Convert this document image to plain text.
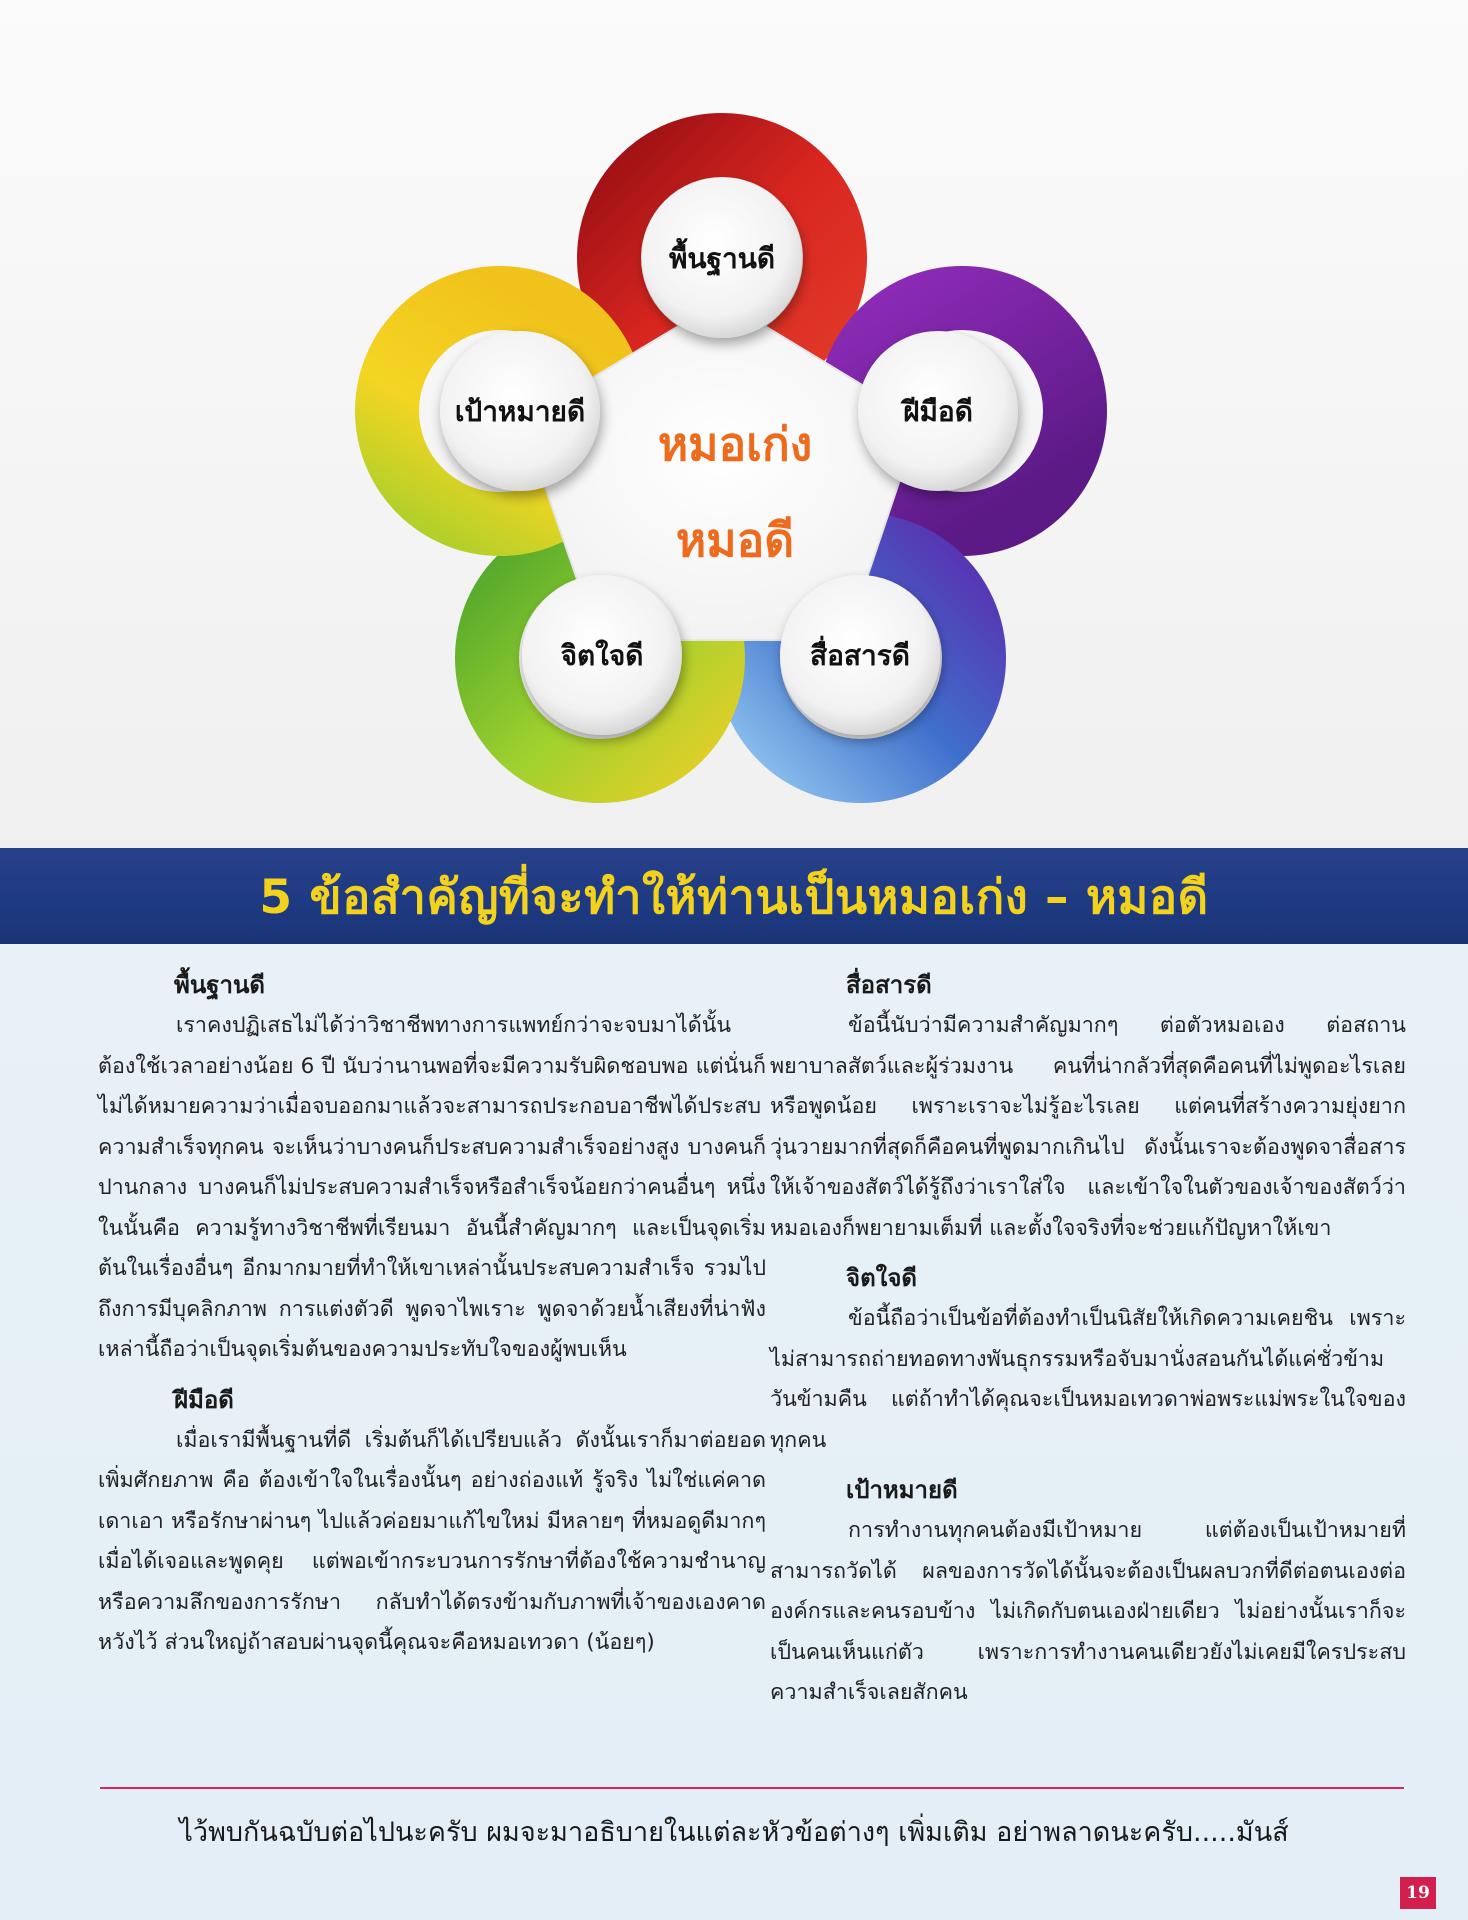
พื้นฐานดี
ฝีมือดี
สื่อสารดี
จิตใจดี
เป้าหมายดี
หมอเก่ง
หมอดี
5 ข้อสำคัญที่จะทำให้ท่านเป็นหมอเก่ง – หมอดี
พื้นฐานดี

เราคงปฏิเสธไม่ได้ว่าวิชาชีพทางการแพทย์กว่าจะจบมาได้นั้นต้องใช้เวลาอย่างน้อย 6 ปี นับว่านานพอที่จะมีความรับผิดชอบพอ แต่นั่นก็ไม่ได้หมายความว่าเมื่อจบออกมาแล้วจะสามารถประกอบอาชีพได้ประสบความสำเร็จทุกคน จะเห็นว่าบางคนก็ประสบความสำเร็จอย่างสูง บางคนก็ปานกลาง บางคนก็ไม่ประสบความสำเร็จหรือสำเร็จน้อยกว่าคนอื่นๆ หนึ่งในนั้นคือ ความรู้ทางวิชาชีพที่เรียนมา อันนี้สำคัญมากๆ และเป็นจุดเริ่มต้นในเรื่องอื่นๆ อีกมากมายที่ทำให้เขาเหล่านั้นประสบความสำเร็จ รวมไปถึงการมีบุคลิกภาพ การแต่งตัวดี พูดจาไพเราะ พูดจาด้วยน้ำเสียงที่น่าฟัง เหล่านี้ถือว่าเป็นจุดเริ่มต้นของความประทับใจของผู้พบเห็น

ฝีมือดี

เมื่อเรามีพื้นฐานที่ดี เริ่มต้นก็ได้เปรียบแล้ว ดังนั้นเราก็มาต่อยอดเพิ่มศักยภาพ คือ ต้องเข้าใจในเรื่องนั้นๆ อย่างถ่องแท้ รู้จริง ไม่ใช่แค่คาดเดาเอา หรือรักษาผ่านๆ ไปแล้วค่อยมาแก้ไขใหม่ มีหลายๆ ที่หมอดูดีมากๆ เมื่อได้เจอและพูดคุย แต่พอเข้ากระบวนการรักษาที่ต้องใช้ความชำนาญหรือความลึกของการรักษา กลับทำได้ตรงข้ามกับภาพที่เจ้าของเองคาดหวังไว้ ส่วนใหญ่ถ้าสอบผ่านจุดนี้คุณจะคือหมอเทวดา (น้อยๆ)

สื่อสารดี

ข้อนี้นับว่ามีความสำคัญมากๆ ต่อตัวหมอเอง ต่อสถานพยาบาลสัตว์และผู้ร่วมงาน คนที่น่ากลัวที่สุดคือคนที่ไม่พูดอะไรเลย หรือพูดน้อย เพราะเราจะไม่รู้อะไรเลย แต่คนที่สร้างความยุ่งยากวุ่นวายมากที่สุดก็คือคนที่พูดมากเกินไป ดังนั้นเราจะต้องพูดจาสื่อสารให้เจ้าของสัตว์ได้รู้ถึงว่าเราใส่ใจ และเข้าใจในตัวของเจ้าของสัตว์ว่าหมอเองก็พยายามเต็มที่ และตั้งใจจริงที่จะช่วยแก้ปัญหาให้เขา

จิตใจดี

ข้อนี้ถือว่าเป็นข้อที่ต้องทำเป็นนิสัยให้เกิดความเคยชิน เพราะไม่สามารถถ่ายทอดทางพันธุกรรมหรือจับมานั่งสอนกันได้แค่ชั่วข้ามวันข้ามคืน แต่ถ้าทำได้คุณจะเป็นหมอเทวดาพ่อพระแม่พระในใจของทุกคน

เป้าหมายดี

การทำงานทุกคนต้องมีเป้าหมาย แต่ต้องเป็นเป้าหมายที่สามารถวัดได้ ผลของการวัดได้นั้นจะต้องเป็นผลบวกที่ดีต่อตนเองต่อองค์กรและคนรอบข้าง ไม่เกิดกับตนเองฝ่ายเดียว ไม่อย่างนั้นเราก็จะเป็นคนเห็นแก่ตัว เพราะการทำงานคนเดียวยังไม่เคยมีใครประสบความสำเร็จเลยสักคน

ไว้พบกันฉบับต่อไปนะครับ ผมจะมาอธิบายในแต่ละหัวข้อต่างๆ เพิ่มเติม อย่าพลาดนะครับ.....มันส์
19
